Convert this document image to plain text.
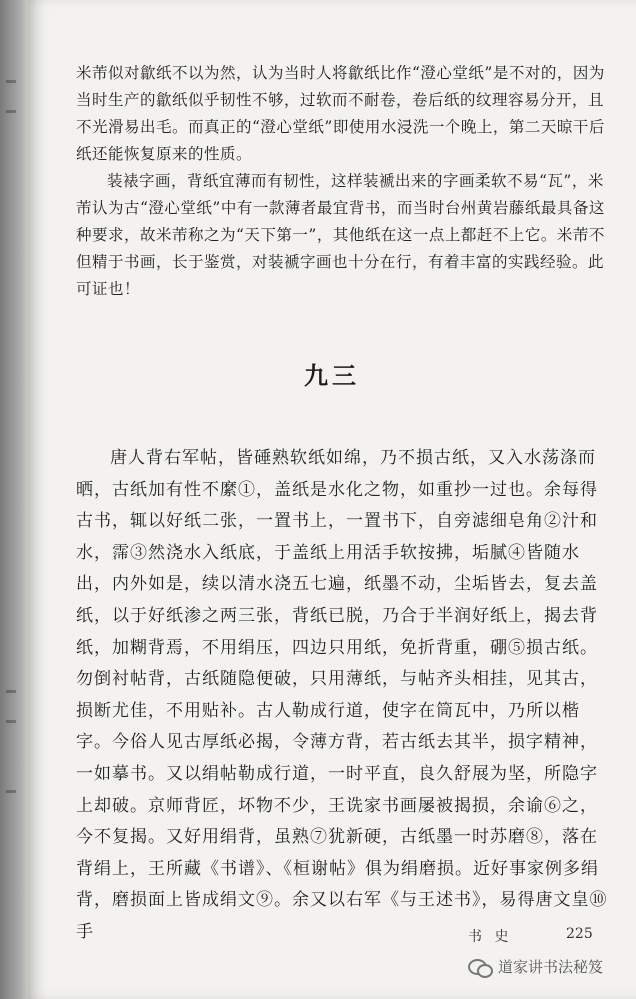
米芾似对歙纸不以为然，认为当时人将歙纸比作“澄心堂纸”是不对的，因为当时生产的歙纸似乎韧性不够，过软而不耐卷，卷后纸的纹理容易分开，且不光滑易出毛。而真正的“澄心堂纸”即使用水浸洗一个晚上，第二天晾干后纸还能恢复原来的性质。

装裱字画，背纸宜薄而有韧性，这样装褫出来的字画柔软不易“瓦”，米芾认为古“澄心堂纸”中有一款薄者最宜背书，而当时台州黄岩藤纸最具备这种要求，故米芾称之为“天下第一”，其他纸在这一点上都赶不上它。米芾不但精于书画，长于鉴赏，对装褫字画也十分在行，有着丰富的实践经验。此可证也！

九三

唐人背右军帖，皆硾熟软纸如绵，乃不损古纸，又入水荡涤而晒，古纸加有性不縻①，盖纸是水化之物，如重抄一过也。余每得古书，辄以好纸二张，一置书上，一置书下，自旁滤细皂角②汁和水，霈③然浇水入纸底，于盖纸上用活手软按拂，垢腻④皆随水出，内外如是，续以清水浇五七遍，纸墨不动，尘垢皆去，复去盖纸，以于好纸渗之两三张，背纸已脱，乃合于半润好纸上，揭去背纸，加糊背焉，不用绢压，四边只用纸，免折背重，硼⑤损古纸。勿倒衬帖背，古纸随隐便破，只用薄纸，与帖齐头相挂，见其古，损断尤佳，不用贴补。古人勒成行道，使字在筒瓦中，乃所以楷字。今俗人见古厚纸必揭，令薄方背，若古纸去其半，损字精神，一如摹书。又以绢帖勒成行道，一时平直，良久舒展为坚，所隐字上却破。京师背匠，坏物不少，王诜家书画屡被揭损，余谕⑥之，今不复揭。又好用绢背，虽熟⑦犹新硬，古纸墨一时苏磨⑧，落在背绢上，王所藏《书谱》、《桓谢帖》俱为绢磨损。近好事家例多绢背，磨损面上皆成绢文⑨。余又以右军《与王述书》，易得唐文皇⑩手	书 史	225
道家讲书法秘笈
